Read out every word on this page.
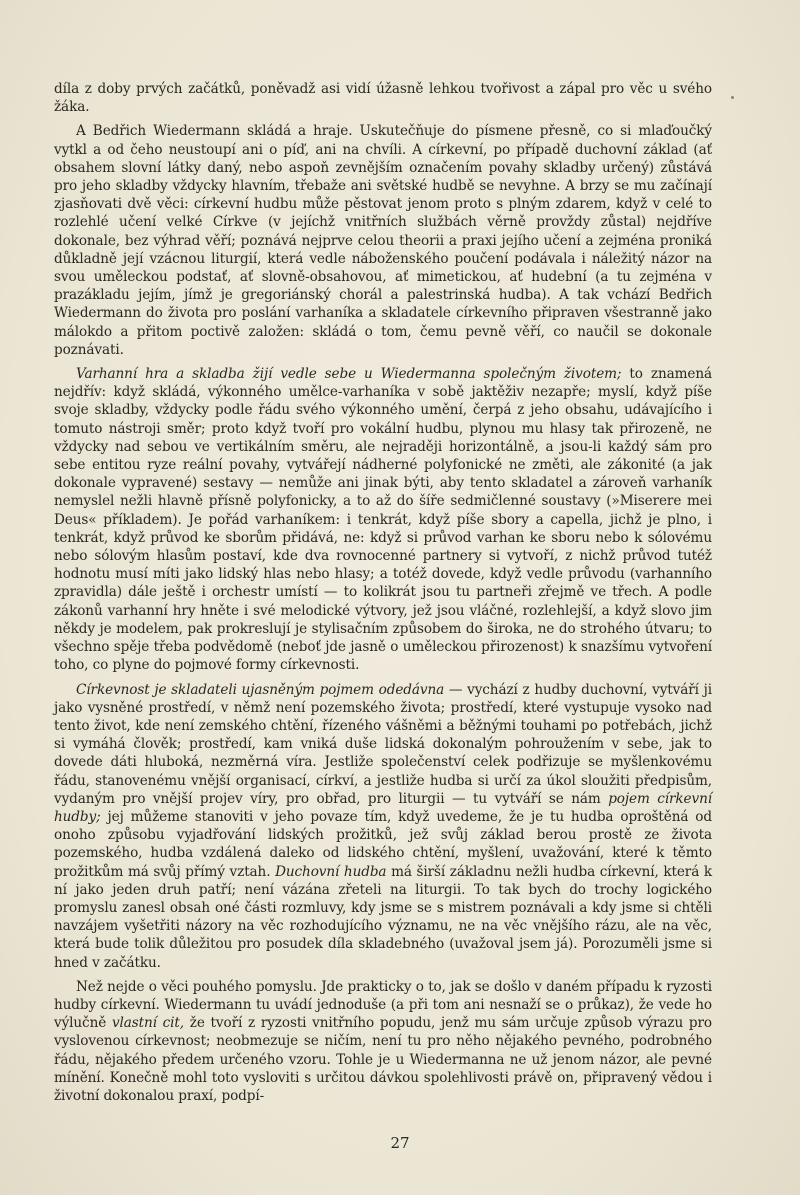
díla z doby prvých začátků, poněvadž asi vidí úžasně lehkou tvořivost a zápal pro věc u svého žáka.

A Bedřich Wiedermann skládá a hraje. Uskutečňuje do písmene přesně, co si mlaďoučký vytkl a od čeho neustoupí ani o píď, ani na chvíli. A církevní, po případě duchovní základ (ať obsahem slovní látky daný, nebo aspoň zevnějším označením povahy skladby určený) zůstává pro jeho skladby vždycky hlavním, třebaže ani světské hudbě se nevyhne. A brzy se mu začínají zjasňovati dvě věci: církevní hudbu může pěstovat jenom proto s plným zdarem, když v celé to rozlehlé učení velké Církve (v jejíchž vnitřních službách věrně provždy zůstal) nejdříve dokonale, bez výhrad věří; poznává nejprve celou theorii a praxi jejího učení a zejména proniká důkladně její vzácnou liturgií, která vedle náboženského poučení podávala i náležitý názor na svou uměleckou podstať, ať slovně-obsahovou, ať mimetickou, ať hudební (a tu zejména v prazákladu jejím, jímž je gregoriánský chorál a palestrinská hudba). A tak vchází Bedřich Wiedermann do života pro poslání varhaníka a skladatele církevního připraven všestranně jako málokdo a přitom poctivě založen: skládá o tom, čemu pevně věří, co naučil se dokonale poznávati.

Varhanní hra a skladba žijí vedle sebe u Wiedermanna společným životem; to znamená nejdřív: když skládá, výkonného umělce-varhaníka v sobě jaktěživ nezapře; myslí, když píše svoje skladby, vždycky podle řádu svého výkonného umění, čerpá z jeho obsahu, udávajícího i tomuto nástroji směr; proto když tvoří pro vokální hudbu, plynou mu hlasy tak přirozeně, ne vždycky nad sebou ve vertikálním směru, ale nejraději horizontálně, a jsou-li každý sám pro sebe entitou ryze reální povahy, vytvářejí nádherné polyfonické ne změti, ale zákonité (a jak dokonale vypravené) sestavy — nemůže ani jinak býti, aby tento skladatel a zároveň varhaník nemyslel nežli hlavně přísně polyfonicky, a to až do šíře sedmičlenné soustavy (»Miserere mei Deus« příkladem). Je pořád varhaníkem: i tenkrát, když píše sbory a capella, jichž je plno, i tenkrát, když průvod ke sborům přidává, ne: když si průvod varhan ke sboru nebo k sólovému nebo sólovým hlasům postaví, kde dva rovnocenné partnery si vytvoří, z nichž průvod tutéž hodnotu musí míti jako lidský hlas nebo hlasy; a totéž dovede, když vedle průvodu (varhanního zpravidla) dále ještě i orchestr umístí — to kolikrát jsou tu partneři zřejmě ve třech. A podle zákonů varhanní hry hněte i své melodické výtvory, jež jsou vláčné, rozlehlejší, a když slovo jim někdy je modelem, pak prokreslují je stylisačním způsobem do široka, ne do strohého útvaru; to všechno spěje třeba podvědomě (neboť jde jasně o uměleckou přirozenost) k snazšímu vytvoření toho, co plyne do pojmové formy církevnosti.

Církevnost je skladateli ujasněným pojmem odedávna — vychází z hudby duchovní, vytváří ji jako vysněné prostředí, v němž není pozemského života; prostředí, které vystupuje vysoko nad tento život, kde není zemského chtění, řízeného vášněmi a běžnými touhami po potřebách, jichž si vymáhá člověk; prostředí, kam vniká duše lidská dokonalým pohroužením v sebe, jak to dovede dáti hluboká, nezměrná víra. Jestliže společenství celek podřizuje se myšlenkovému řádu, stanovenému vnější organisací, církví, a jestliže hudba si určí za úkol sloužiti předpisům, vydaným pro vnější projev víry, pro obřad, pro liturgii — tu vytváří se nám pojem církevní hudby; jej můžeme stanoviti v jeho povaze tím, když uvedeme, že je tu hudba oproštěná od onoho způsobu vyjadřování lidských prožitků, jež svůj základ berou prostě ze života pozemského, hudba vzdálená daleko od lidského chtění, myšlení, uvažování, které k těmto prožitkům má svůj přímý vztah. Duchovní hudba má širší základnu nežli hudba církevní, která k ní jako jeden druh patří; není vázána zřeteli na liturgii. To tak bych do trochy logického promyslu zanesl obsah oné části rozmluvy, kdy jsme se s mistrem poznávali a kdy jsme si chtěli navzájem vyšetřiti názory na věc rozhodujícího významu, ne na věc vnějšího rázu, ale na věc, která bude tolik důležitou pro posudek díla skladebného (uvažoval jsem já). Porozuměli jsme si hned v začátku.

Než nejde o věci pouhého pomyslu. Jde prakticky o to, jak se došlo v daném případu k ryzosti hudby církevní. Wiedermann tu uvádí jednoduše (a při tom ani nesnaží se o průkaz), že vede ho výlučně vlastní cit, že tvoří z ryzosti vnitřního popudu, jenž mu sám určuje způsob výrazu pro vyslovenou církevnost; neobmezuje se ničím, není tu pro něho nějakého pevného, podrobného řádu, nějakého předem určeného vzoru. Tohle je u Wiedermanna ne už jenom názor, ale pevné mínění. Konečně mohl toto vysloviti s určitou dávkou spolehlivosti právě on, připravený vědou i životní dokonalou praxí, podpí-

27
